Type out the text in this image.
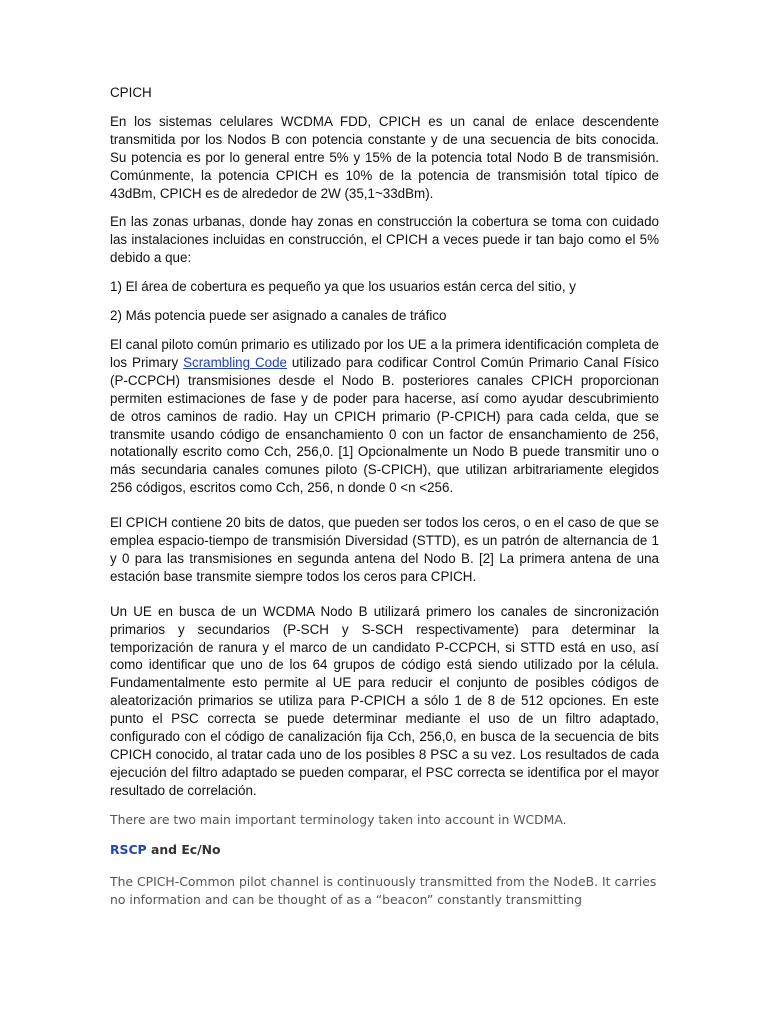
CPICH
En los sistemas celulares WCDMA FDD, CPICH es un canal de enlace descendente transmitida por los Nodos B con potencia constante y de una secuencia de bits conocida. Su potencia es por lo general entre 5% y 15% de la potencia total Nodo B de transmisión. Comúnmente, la potencia CPICH es 10% de la potencia de transmisión total típico de 43dBm, CPICH es de alrededor de 2W (35,1~33dBm).
En las zonas urbanas, donde hay zonas en construcción la cobertura se toma con cuidado las instalaciones incluidas en construcción, el CPICH a veces puede ir tan bajo como el 5% debido a que:
1) El área de cobertura es pequeño ya que los usuarios están cerca del sitio, y
2) Más potencia puede ser asignado a canales de tráfico
El canal piloto común primario es utilizado por los UE a la primera identificación completa de los Primary Scrambling Code utilizado para codificar Control Común Primario Canal Físico (P-CCPCH) transmisiones desde el Nodo B. posteriores canales CPICH proporcionan permiten estimaciones de fase y de poder para hacerse, así como ayudar descubrimiento de otros caminos de radio. Hay un CPICH primario (P-CPICH) para cada celda, que se transmite usando código de ensanchamiento 0 con un factor de ensanchamiento de 256, notationally escrito como Cch, 256,0. [1] Opcionalmente un Nodo B puede transmitir uno o más secundaria canales comunes piloto (S-CPICH), que utilizan arbitrariamente elegidos 256 códigos, escritos como Cch, 256, n donde 0 <n <256.
El CPICH contiene 20 bits de datos, que pueden ser todos los ceros, o en el caso de que se emplea espacio-tiempo de transmisión Diversidad (STTD), es un patrón de alternancia de 1 y 0 para las transmisiones en segunda antena del Nodo B. [2] La primera antena de una estación base transmite siempre todos los ceros para CPICH.
Un UE en busca de un WCDMA Nodo B utilizará primero los canales de sincronización primarios y secundarios (P-SCH y S-SCH respectivamente) para determinar la temporización de ranura y el marco de un candidato P-CCPCH, si STTD está en uso, así como identificar que uno de los 64 grupos de código está siendo utilizado por la célula. Fundamentalmente esto permite al UE para reducir el conjunto de posibles códigos de aleatorización primarios se utiliza para P-CPICH a sólo 1 de 8 de 512 opciones. En este punto el PSC correcta se puede determinar mediante el uso de un filtro adaptado, configurado con el código de canalización fija Cch, 256,0, en busca de la secuencia de bits CPICH conocido, al tratar cada uno de los posibles 8 PSC a su vez. Los resultados de cada ejecución del filtro adaptado se pueden comparar, el PSC correcta se identifica por el mayor resultado de correlación.
There are two main important terminology taken into account in WCDMA.
RSCP and Ec/No
The CPICH-Common pilot channel is continuously transmitted from the NodeB. It carries no information and can be thought of as a “beacon” constantly transmitting
